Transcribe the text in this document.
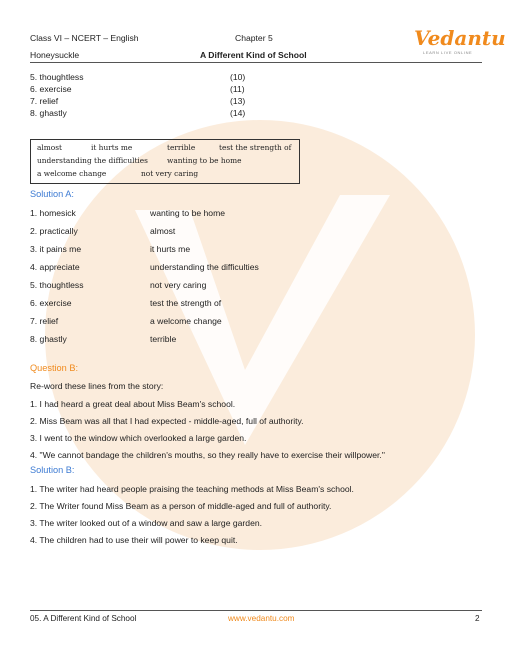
Class VI – NCERT – English	Chapter 5
Honeysuckle	A Different Kind of School
Vedantu
LEARN LIVE ONLINE
5. thoughtless	(10)
6. exercise	(11)
7. relief	(13)
8. ghastly	(14)
almost	it hurts me	terrible	test the strength of
understanding the difficulties	wanting to be home
a welcome change	not very caring
Solution A:
1. homesick	wanting to be home
2. practically	almost
3. it pains me	it hurts me
4. appreciate	understanding the difficulties
5. thoughtless	not very caring
6. exercise	test the strength of
7. relief	a welcome change
8. ghastly	terrible
Question B:
Re-word these lines from the story:
1. I had heard a great deal about Miss Beam's school.
2. Miss Beam was all that I had expected - middle-aged, full of authority.
3. I went to the window which overlooked a large garden.
4. "We cannot bandage the children's mouths, so they really have to exercise their willpower."
Solution B:
1. The writer had heard people praising the teaching methods at Miss Beam's school.
2. The Writer found Miss Beam as a person of middle-aged and full of authority.
3. The writer looked out of a window and saw a large garden.
4. The children had to use their will power to keep quit.
05. A Different Kind of School	www.vedantu.com	2
